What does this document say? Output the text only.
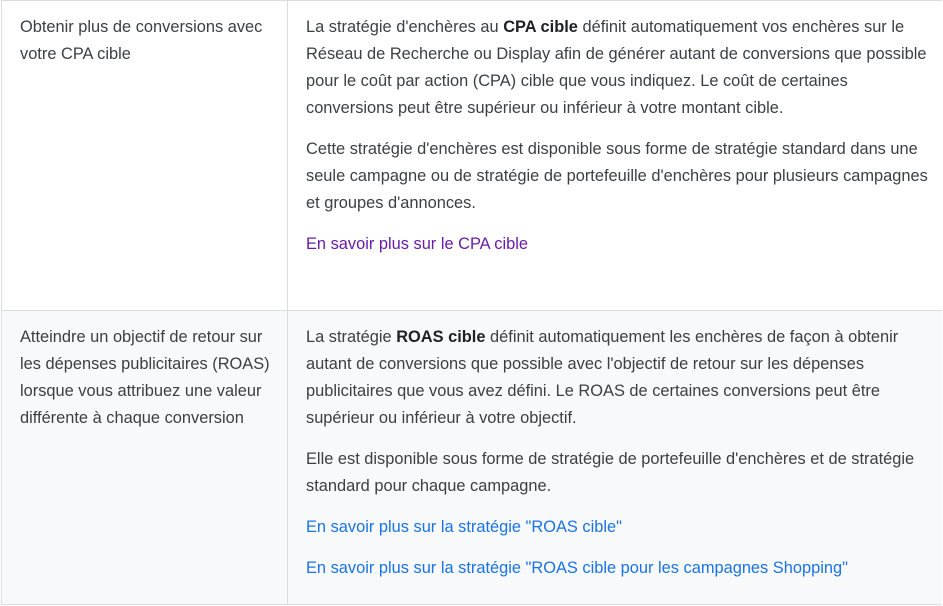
Obtenir plus de conversions avec votre CPA cible	La stratégie d'enchères au CPA cible définit automatiquement vos enchères sur le Réseau de Recherche ou Display afin de générer autant de conversions que possible pour le coût par action (CPA) cible que vous indiquez. Le coût de certaines conversions peut être supérieur ou inférieur à votre montant cible.

Cette stratégie d'enchères est disponible sous forme de stratégie standard dans une seule campagne ou de stratégie de portefeuille d'enchères pour plusieurs campagnes et groupes d'annonces.

En savoir plus sur le CPA cible

Atteindre un objectif de retour sur les dépenses publicitaires (ROAS) lorsque vous attribuez une valeur différente à chaque conversion	La stratégie ROAS cible définit automatiquement les enchères de façon à obtenir autant de conversions que possible avec l'objectif de retour sur les dépenses publicitaires que vous avez défini. Le ROAS de certaines conversions peut être supérieur ou inférieur à votre objectif.

Elle est disponible sous forme de stratégie de portefeuille d'enchères et de stratégie standard pour chaque campagne.

En savoir plus sur la stratégie "ROAS cible"
En savoir plus sur la stratégie "ROAS cible pour les campagnes Shopping"
